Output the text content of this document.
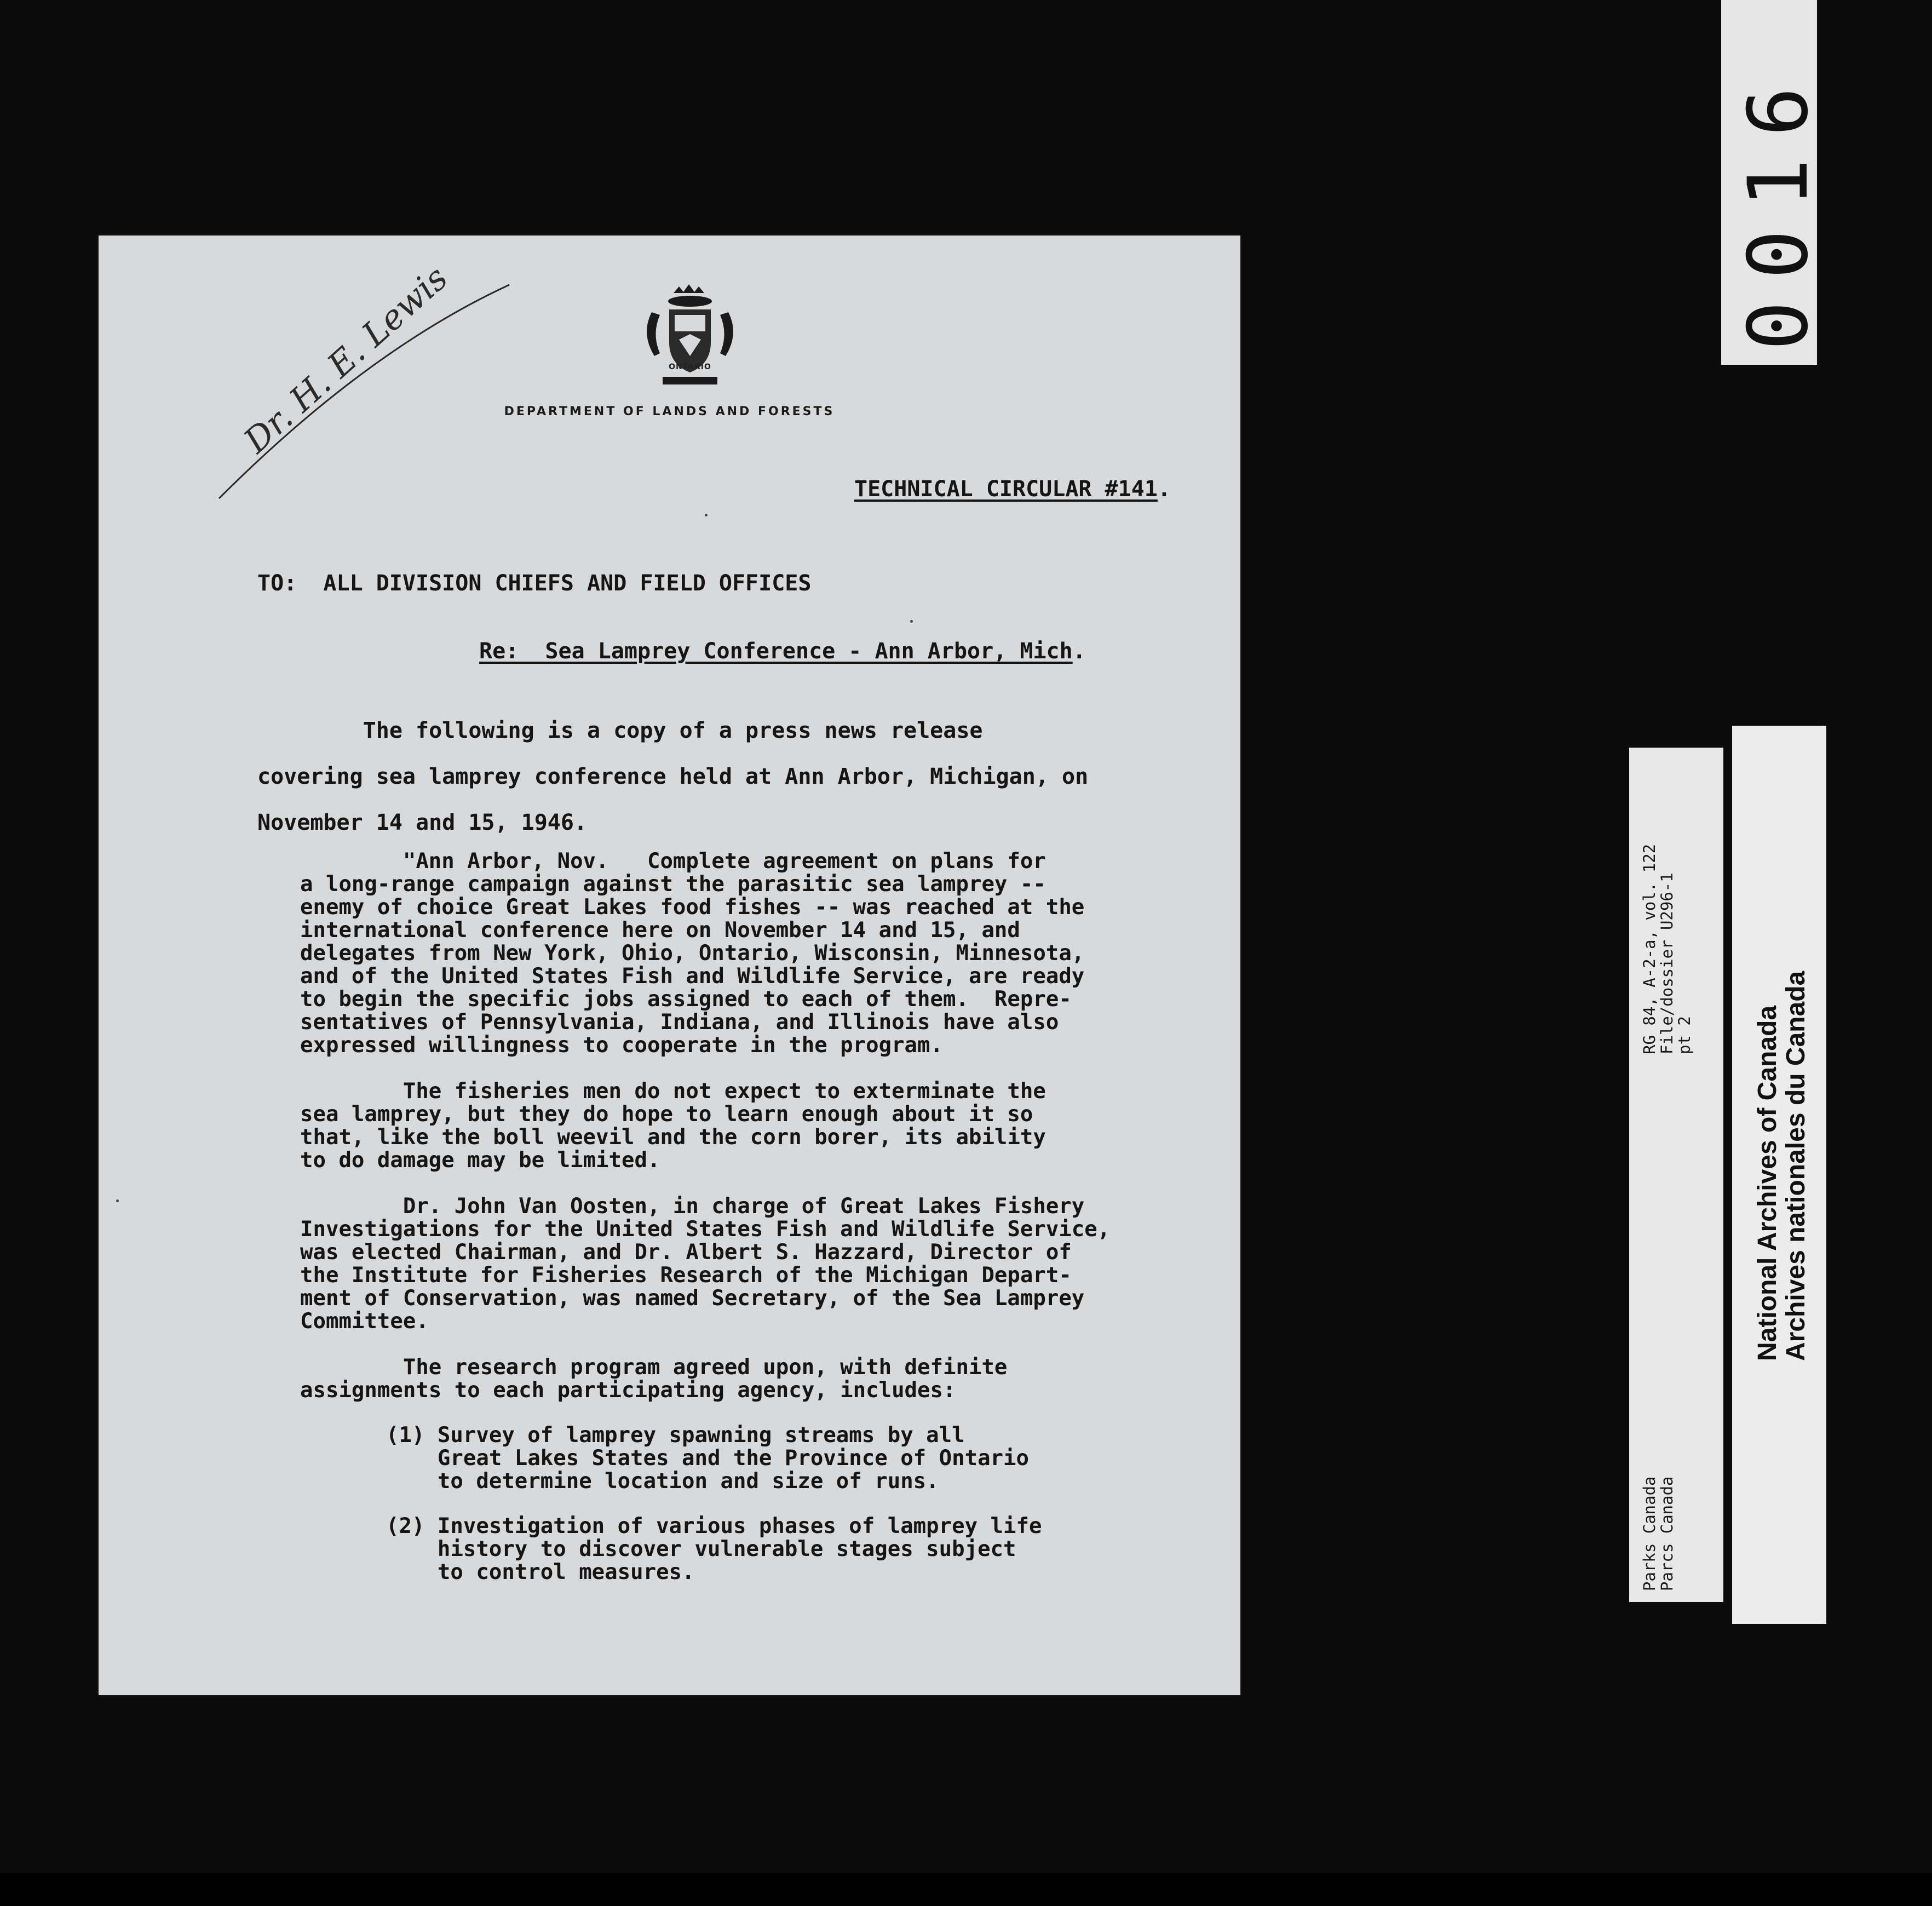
Dr. H. E. Lewis	ONTARIO
DEPARTMENT OF LANDS AND FORESTS
TECHNICAL CIRCULAR #141.
TO:  ALL DIVISION CHIEFS AND FIELD OFFICES
Re:  Sea Lamprey Conference - Ann Arbor, Mich.
The following is a copy of a press news release
covering sea lamprey conference held at Ann Arbor, Michigan, on
November 14 and 15, 1946.
"Ann Arbor, Nov.   Complete agreement on plans for
a long-range campaign against the parasitic sea lamprey --
enemy of choice Great Lakes food fishes -- was reached at the
international conference here on November 14 and 15, and
delegates from New York, Ohio, Ontario, Wisconsin, Minnesota,
and of the United States Fish and Wildlife Service, are ready
to begin the specific jobs assigned to each of them.  Repre-
sentatives of Pennsylvania, Indiana, and Illinois have also
expressed willingness to cooperate in the program.
The fisheries men do not expect to exterminate the
sea lamprey, but they do hope to learn enough about it so
that, like the boll weevil and the corn borer, its ability
to do damage may be limited.
Dr. John Van Oosten, in charge of Great Lakes Fishery
Investigations for the United States Fish and Wildlife Service,
was elected Chairman, and Dr. Albert S. Hazzard, Director of
the Institute for Fisheries Research of the Michigan Depart-
ment of Conservation, was named Secretary, of the Sea Lamprey
Committee.
The research program agreed upon, with definite
assignments to each participating agency, includes:
(1) Survey of lamprey spawning streams by all
Great Lakes States and the Province of Ontario
to determine location and size of runs.
(2) Investigation of various phases of lamprey life
history to discover vulnerable stages subject
to control measures.
0016
RG 84, A-2-a, vol. 122
File/dossier U296-1
pt 2
Parks Canada
Parcs Canada
National Archives of Canada Archives nationales du Canada
